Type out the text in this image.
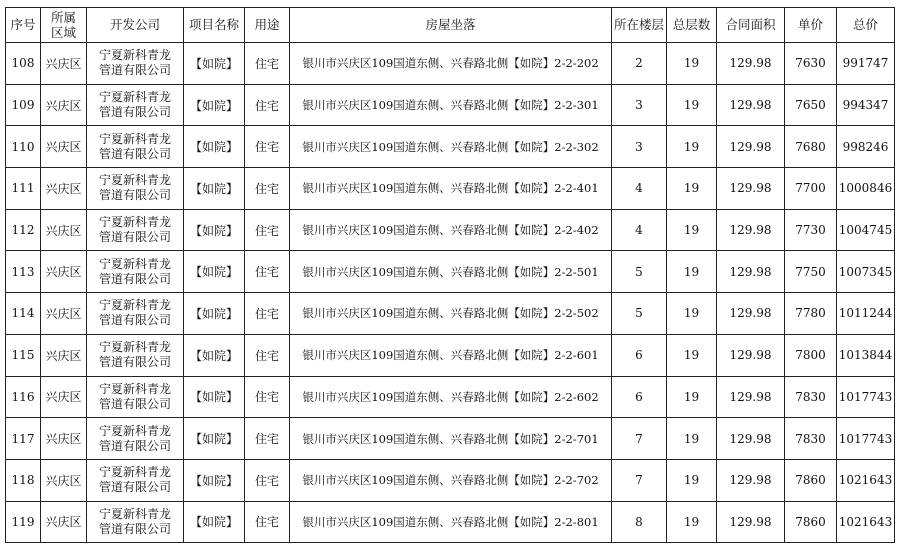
序号	所属区域	开发公司	项目名称	用途	房屋坐落	所在楼层	总层数	合同面积	单价	总价
108	兴庆区	宁夏新科青龙管道有限公司	【如院】	住宅	银川市兴庆区109国道东侧、兴春路北侧【如院】2-2-202	2	19	129.98	7630	991747
109	兴庆区	宁夏新科青龙管道有限公司	【如院】	住宅	银川市兴庆区109国道东侧、兴春路北侧【如院】2-2-301	3	19	129.98	7650	994347
110	兴庆区	宁夏新科青龙管道有限公司	【如院】	住宅	银川市兴庆区109国道东侧、兴春路北侧【如院】2-2-302	3	19	129.98	7680	998246
111	兴庆区	宁夏新科青龙管道有限公司	【如院】	住宅	银川市兴庆区109国道东侧、兴春路北侧【如院】2-2-401	4	19	129.98	7700	1000846
112	兴庆区	宁夏新科青龙管道有限公司	【如院】	住宅	银川市兴庆区109国道东侧、兴春路北侧【如院】2-2-402	4	19	129.98	7730	1004745
113	兴庆区	宁夏新科青龙管道有限公司	【如院】	住宅	银川市兴庆区109国道东侧、兴春路北侧【如院】2-2-501	5	19	129.98	7750	1007345
114	兴庆区	宁夏新科青龙管道有限公司	【如院】	住宅	银川市兴庆区109国道东侧、兴春路北侧【如院】2-2-502	5	19	129.98	7780	1011244
115	兴庆区	宁夏新科青龙管道有限公司	【如院】	住宅	银川市兴庆区109国道东侧、兴春路北侧【如院】2-2-601	6	19	129.98	7800	1013844
116	兴庆区	宁夏新科青龙管道有限公司	【如院】	住宅	银川市兴庆区109国道东侧、兴春路北侧【如院】2-2-602	6	19	129.98	7830	1017743
117	兴庆区	宁夏新科青龙管道有限公司	【如院】	住宅	银川市兴庆区109国道东侧、兴春路北侧【如院】2-2-701	7	19	129.98	7830	1017743
118	兴庆区	宁夏新科青龙管道有限公司	【如院】	住宅	银川市兴庆区109国道东侧、兴春路北侧【如院】2-2-702	7	19	129.98	7860	1021643
119	兴庆区	宁夏新科青龙管道有限公司	【如院】	住宅	银川市兴庆区109国道东侧、兴春路北侧【如院】2-2-801	8	19	129.98	7860	1021643
